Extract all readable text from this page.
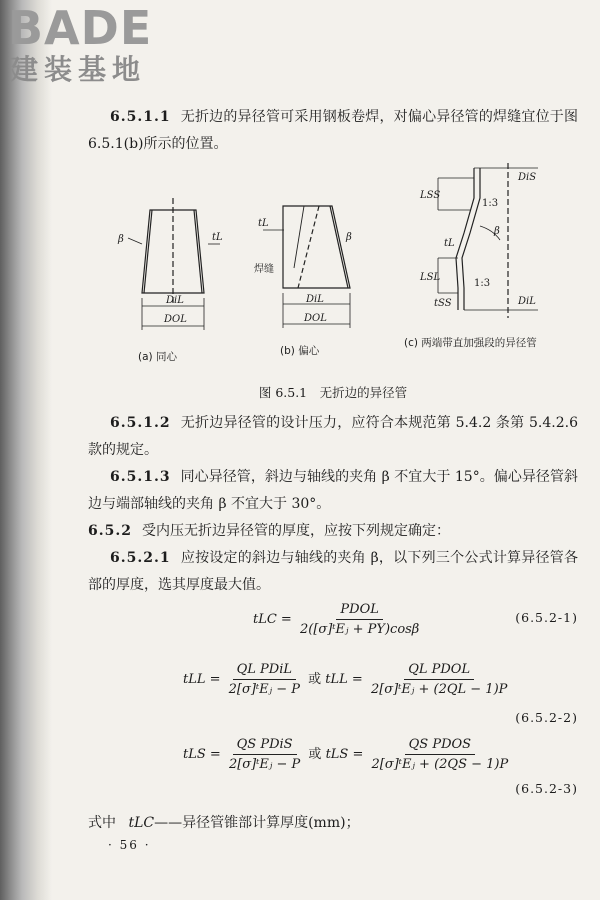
BADE
建装基地
6.5.1.1 无折边的异径管可采用钢板卷焊，对偏心异径管的焊缝宜位于图 6.5.1(b)所示的位置。
β	tL
DiL
DOL
tL
β
焊缝
DiL
DOL
DiS
LSS
1:3
tL
β
LSL
1:3
tSS	DiL
(a) 同心	(b) 偏心
(c) 两端带直加强段的异径管
图 6.5.1　无折边的异径管
6.5.1.2 无折边异径管的设计压力，应符合本规范第 5.4.2 条第 5.4.2.6 款的规定。
6.5.1.3 同心异径管，斜边与轴线的夹角 β 不宜大于 15°。偏心异径管斜边与端部轴线的夹角 β 不宜大于 30°。
6.5.2 受内压无折边异径管的厚度，应按下列规定确定：
6.5.2.1 应按设定的斜边与轴线的夹角 β，以下列三个公式计算异径管各部的厚度，选其厚度最大值。
tLC = $\frac{\text{PDOL}}{\text{2([σ]ᵗEⱼ + PY)cosβ}}$	(6.5.2-1)
tLL = $\frac{\text{QL PDiL}}{\text{2[σ]ᵗEⱼ − P}}$ 或 tLL = $\frac{\text{QL PDOL}}{\text{2[σ]ᵗEⱼ + (2QL − 1)P}}$
(6.5.2-2)
tLS = $\frac{\text{QS PDiS}}{\text{2[σ]ᵗEⱼ − P}}$ 或 tLS = $\frac{\text{QS PDOS}}{\text{2[σ]ᵗEⱼ + (2QS − 1)P}}$
(6.5.2-3)
式中 tLC——异径管锥部计算厚度(mm)；
· 56 ·
